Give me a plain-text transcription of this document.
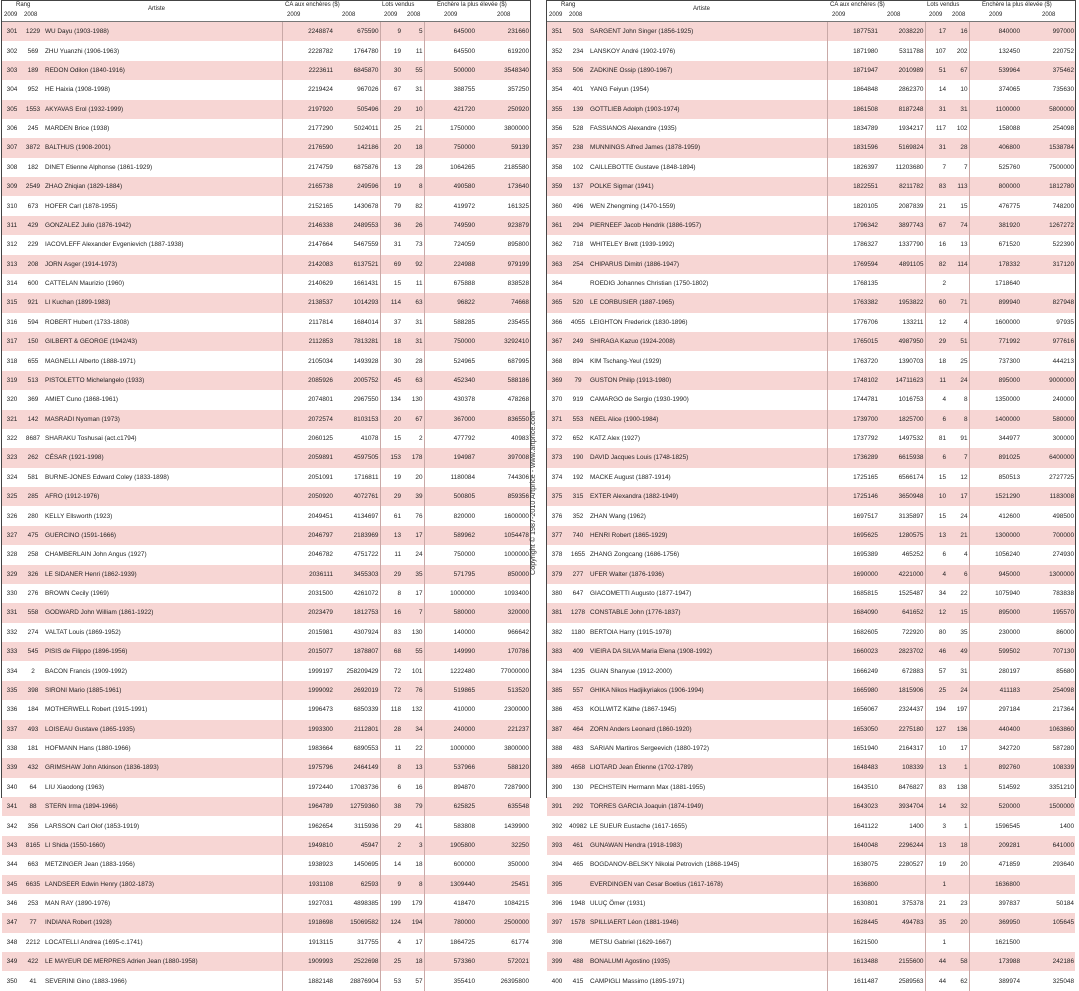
Rang
2009 2008
Artiste
CA aux enchères ($)
2009	2008
Lots vendus
2009 2008
Enchère la plus élevée ($)
2009	2008
301	1229	WU Dayu (1903-1988)	2248874	675590	9	5	645000	231660
302	569	ZHU Yuanzhi (1906-1963)	2228782	1764780	19	11	645500	619200
303	189	REDON Odilon (1840-1916)	2223611	6845870	30	55	500000	3548340
304	952	HE Haixia (1908-1998)	2219424	967026	67	31	388755	357250
305	1553	AKYAVAS Erol (1932-1999)	2197920	505496	29	10	421720	250920
306	245	MARDEN Brice (1938)	2177290	5024011	25	21	1750000	3800000
307	3872	BALTHUS (1908-2001)	2176590	142186	20	18	750000	59139
308	182	DINET Etienne Alphonse (1861-1929)	2174759	6875876	13	28	1064265	2185580
309	2549	ZHAO Zhiqian (1829-1884)	2165738	249596	19	8	490580	173640
310	673	HOFER Carl (1878-1955)	2152165	1430678	79	82	419972	161325
311	429	GONZALEZ Julio (1876-1942)	2146338	2489553	36	26	749590	923879
312	229	IACOVLEFF Alexander Evgenievich (1887-1938)	2147664	5467559	31	73	724059	895800
313	208	JORN Asger (1914-1973)	2142083	6137521	69	92	224988	979199
314	600	CATTELAN Maurizio (1960)	2140629	1661431	15	11	675888	838528
315	921	LI Kuchan (1899-1983)	2138537	1014293	114	63	96822	74668
316	594	ROBERT Hubert (1733-1808)	2117814	1684014	37	31	588285	235455
317	150	GILBERT & GEORGE (1942/43)	2112853	7813281	18	31	750000	3292410
318	655	MAGNELLI Alberto (1888-1971)	2105034	1493928	30	28	524965	687995
319	513	PISTOLETTO Michelangelo (1933)	2085926	2005752	45	63	452340	588186
320	369	AMIET Cuno (1868-1961)	2074801	2967550	134	130	430378	478268
321	142	MASRADI Nyoman (1973)	2072574	8103153	20	67	367000	836550
322	8687	SHARAKU Toshusai (act.c1794)	2060125	41078	15	2	477792	40983
323	262	CÉSAR (1921-1998)	2059891	4597505	153	178	194987	397008
324	581	BURNE-JONES Edward Coley (1833-1898)	2051091	1716811	19	20	1180084	744306
325	285	AFRO (1912-1976)	2050920	4072761	29	39	500805	859356
326	280	KELLY Ellsworth (1923)	2049451	4134697	61	76	820000	1600000
327	475	GUERCINO (1591-1666)	2046797	2183969	13	17	589962	1054478
328	258	CHAMBERLAIN John Angus (1927)	2046782	4751722	11	24	750000	1000000
329	326	LE SIDANER Henri (1862-1939)	2036111	3455303	29	35	571795	850000
330	276	BROWN Cecily (1969)	2031500	4261072	8	17	1000000	1093400
331	558	GODWARD John William (1861-1922)	2023479	1812753	16	7	580000	320000
332	274	VALTAT Louis (1869-1952)	2015981	4307924	83	130	140000	966642
333	545	PISIS de Filippo (1896-1956)	2015077	1878807	68	55	149990	170786
334	2	BACON Francis (1909-1992)	1999197	258209429	72	101	1222480	77000000
335	398	SIRONI Mario (1885-1961)	1999092	2692019	72	76	519865	513520
336	184	MOTHERWELL Robert (1915-1991)	1996473	6850339	118	132	410000	2300000
337	493	LOISEAU Gustave (1865-1935)	1993300	2112801	28	34	240000	221237
338	181	HOFMANN Hans (1880-1966)	1983664	6890553	11	22	1000000	3800000
339	432	GRIMSHAW John Atkinson (1836-1893)	1975796	2464149	8	13	537966	588120
340	64	LIU Xiaodong (1963)	1972440	17083736	6	16	894870	7287900
341	88	STERN Irma (1894-1966)	1964789	12759360	38	79	625825	635548
342	356	LARSSON Carl Olof (1853-1919)	1962654	3115936	29	41	583808	1439900
343	8165	LI Shida (1550-1660)	1949810	45947	2	3	1905800	32250
344	663	METZINGER Jean (1883-1956)	1938923	1450695	14	18	600000	350000
345	6635	LANDSEER Edwin Henry (1802-1873)	1931108	62593	9	8	1309440	25451
346	253	MAN RAY (1890-1976)	1927031	4898385	199	179	418470	1084215
347	77	INDIANA Robert (1928)	1918698	15069582	124	194	780000	2500000
348	2212	LOCATELLI Andrea (1695-c.1741)	1913115	317755	4	17	1864725	61774
349	422	LE MAYEUR DE MERPRES Adrien Jean (1880-1958)	1909993	2522698	25	18	573360	572021
350	41	SEVERINI Gino (1883-1966)	1882148	28876904	53	57	355410	26395800
Copyright © 1987-2010 Artprice - www.artprice.com
Rang
2009 2008
Artiste
CA aux enchères ($)
2009	2008
Lots vendus
2009 2008
Enchère la plus élevée ($)
2009	2008
351	503	SARGENT John Singer (1856-1925)	1877531	2038220	17	16	840000	997000
352	234	LANSKOY André (1902-1976)	1871980	5311788	107	202	132450	220752
353	506	ZADKINE Ossip (1890-1967)	1871947	2010989	51	67	539964	375462
354	401	YANG Feiyun (1954)	1864848	2862370	14	10	374065	735630
355	139	GOTTLIEB Adolph (1903-1974)	1861508	8187248	31	31	1100000	5800000
356	528	FASSIANOS Alexandre (1935)	1834789	1934217	117	102	158088	254098
357	238	MUNNINGS Alfred James (1878-1959)	1831596	5169824	31	28	406800	1538784
358	102	CAILLEBOTTE Gustave (1848-1894)	1826397	11203680	7	7	525760	7500000
359	137	POLKE Sigmar (1941)	1822551	8211782	83	113	800000	1812780
360	496	WEN Zhengming (1470-1559)	1820105	2087839	21	15	476775	748200
361	294	PIERNEEF Jacob Hendrik (1886-1957)	1796342	3897743	67	74	381920	1267272
362	718	WHITELEY Brett (1939-1992)	1786327	1337790	16	13	671520	522390
363	254	CHIPARUS Dimitri (1886-1947)	1769594	4891105	82	114	178332	317120
364		ROEDIG Johannes Christian (1750-1802)	1768135		2		1718640	
365	520	LE CORBUSIER (1887-1965)	1763382	1953822	60	71	899940	827948
366	4055	LEIGHTON Frederick (1830-1896)	1776706	133211	12	4	1600000	97935
367	249	SHIRAGA Kazuo (1924-2008)	1765015	4987950	29	51	771992	977616
368	894	KIM Tschang-Yeul (1929)	1763720	1390703	18	25	737300	444213
369	79	GUSTON Philip (1913-1980)	1748102	14711623	11	24	895000	9000000
370	919	CAMARGO de Sergio (1930-1990)	1744781	1016753	4	8	1350000	240000
371	553	NEEL Alice (1900-1984)	1739700	1825700	6	8	1400000	580000
372	652	KATZ Alex (1927)	1737792	1497532	81	91	344977	300000
373	190	DAVID Jacques Louis (1748-1825)	1736289	6615938	6	7	891025	6400000
374	192	MACKE August (1887-1914)	1725165	6566174	15	12	850513	2727725
375	315	EXTER Alexandra (1882-1949)	1725146	3650948	10	17	1521290	1183008
376	352	ZHAN Wang (1962)	1697517	3135897	15	24	412600	498500
377	740	HENRI Robert (1865-1929)	1695625	1280575	13	21	1300000	700000
378	1655	ZHANG Zongcang (1686-1756)	1695389	465252	6	4	1056240	274930
379	277	UFER Walter (1876-1936)	1690000	4221000	4	6	945000	1300000
380	647	GIACOMETTI Augusto (1877-1947)	1685815	1525487	34	22	1075940	783838
381	1278	CONSTABLE John (1776-1837)	1684090	641652	12	15	895000	195570
382	1180	BERTOIA Harry (1915-1978)	1682605	722920	80	35	230000	86000
383	409	VIEIRA DA SILVA Maria Elena (1908-1992)	1660023	2823702	46	49	599502	707130
384	1235	GUAN Shanyue (1912-2000)	1666249	672883	57	31	280197	85680
385	557	GHIKA Nikos Hadjikyriakos (1906-1994)	1665980	1815906	25	24	411183	254098
386	453	KOLLWITZ Käthe (1867-1945)	1656067	2324437	194	197	297184	217364
387	464	ZORN Anders Leonard (1860-1920)	1653050	2275180	127	136	440400	1063860
388	483	SARIAN Martiros Sergeevich (1880-1972)	1651940	2164317	10	17	342720	587280
389	4658	LIOTARD Jean Étienne (1702-1789)	1648483	108339	13	1	892760	108339
390	130	PECHSTEIN Hermann Max (1881-1955)	1643510	8476827	83	138	514592	3351210
391	292	TORRES GARCIA Joaquin (1874-1949)	1643023	3934704	14	32	520000	1500000
392	40982	LE SUEUR Eustache (1617-1655)	1641122	1400	3	1	1596545	1400
393	461	GUNAWAN Hendra (1918-1983)	1640048	2296244	13	18	209281	641000
394	465	BOGDANOV-BELSKY Nikolai Petrovich (1868-1945)	1638075	2280527	19	20	471859	293640
395		EVERDINGEN van Cesar Boetius (1617-1678)	1636800		1		1636800	
396	1948	ULUÇ Ömer (1931)	1630801	375378	21	23	397837	50184
397	1578	SPILLIAERT Léon (1881-1946)	1628445	494783	35	20	369950	105645
398		METSU Gabriel (1629-1667)	1621500		1		1621500	
399	488	BONALUMI Agostino (1935)	1613488	2155600	44	58	173988	242186
400	415	CAMPIGLI Massimo (1895-1971)	1611487	2589563	44	62	389974	325048
